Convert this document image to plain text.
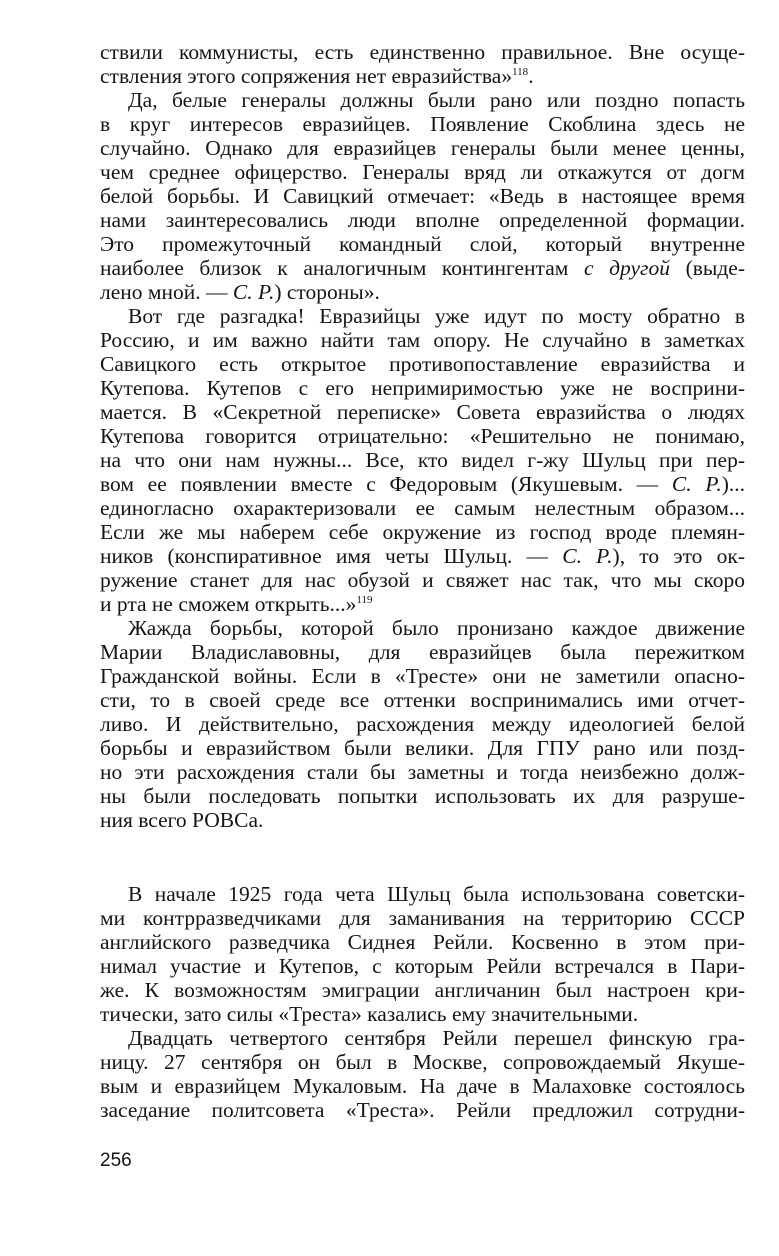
ствили коммунисты, есть единственно правильное. Вне осуще-
ствления этого сопряжения нет евразийства»$^{118}$.
Да, белые генералы должны были рано или поздно попасть
в круг интересов евразийцев. Появление Скоблина здесь не
случайно. Однако для евразийцев генералы были менее ценны,
чем среднее офицерство. Генералы вряд ли откажутся от догм
белой борьбы. И Савицкий отмечает: «Ведь в настоящее время
нами заинтересовались люди вполне определенной формации.
Это промежуточный командный слой, который внутренне
наиболее близок к аналогичным контингентам с другой (выде-
лено мной. — С. Р.) стороны».
Вот где разгадка! Евразийцы уже идут по мосту обратно в
Россию, и им важно найти там опору. Не случайно в заметках
Савицкого есть открытое противопоставление евразийства и
Кутепова. Кутепов с его непримиримостью уже не восприни-
мается. В «Секретной переписке» Совета евразийства о людях
Кутепова говорится отрицательно: «Решительно не понимаю,
на что они нам нужны... Все, кто видел г-жу Шульц при пер-
вом ее появлении вместе с Федоровым (Якушевым. — С. Р.)...
единогласно охарактеризовали ее самым нелестным образом...
Если же мы наберем себе окружение из господ вроде племян-
ников (конспиративное имя четы Шульц. — С. Р.), то это ок-
ружение станет для нас обузой и свяжет нас так, что мы скоро
и рта не сможем открыть...»$^{119}$
Жажда борьбы, которой было пронизано каждое движение
Марии Владиславовны, для евразийцев была пережитком
Гражданской войны. Если в «Тресте» они не заметили опасно-
сти, то в своей среде все оттенки воспринимались ими отчет-
ливо. И действительно, расхождения между идеологией белой
борьбы и евразийством были велики. Для ГПУ рано или позд-
но эти расхождения стали бы заметны и тогда неизбежно долж-
ны были последовать попытки использовать их для разруше-
ния всего РОВСа.
В начале 1925 года чета Шульц была использована советски-
ми контрразведчиками для заманивания на территорию СССР
английского разведчика Сиднея Рейли. Косвенно в этом при-
нимал участие и Кутепов, с которым Рейли встречался в Пари-
же. К возможностям эмиграции англичанин был настроен кри-
тически, зато силы «Треста» казались ему значительными.
Двадцать четвертого сентября Рейли перешел финскую гра-
ницу. 27 сентября он был в Москве, сопровождаемый Якуше-
вым и евразийцем Мукаловым. На даче в Малаховке состоялось
заседание политсовета «Треста». Рейли предложил сотрудни-
256
